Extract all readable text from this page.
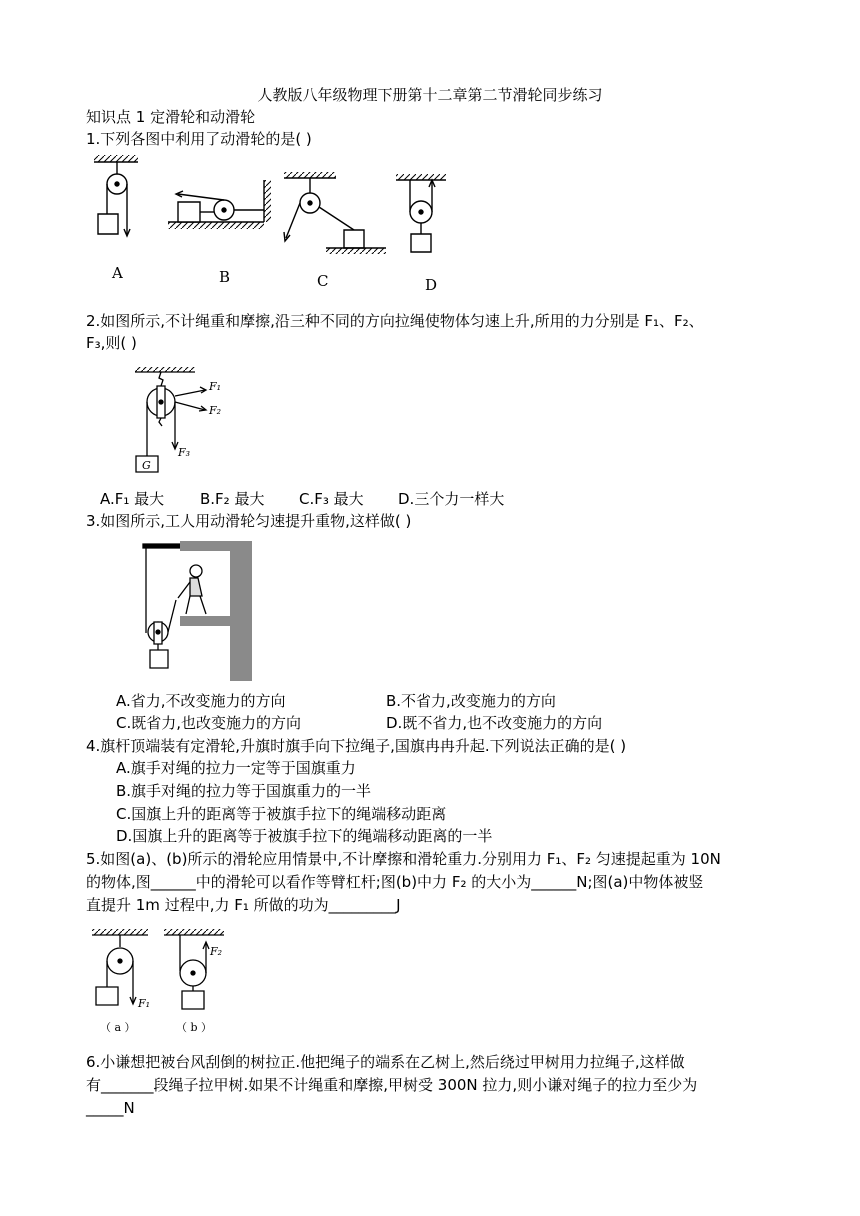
人教版八年级物理下册第十二章第二节滑轮同步练习
知识点 1 定滑轮和动滑轮
1.下列各图中利用了动滑轮的是( )
A	B	C	D
2.如图所示,不计绳重和摩擦,沿三种不同的方向拉绳使物体匀速上升,所用的力分别是 F₁、F₂、
F₃,则( )
F₁
F₂
F₃
G
A.F₁ 最大 B.F₂ 最大 C.F₃ 最大 D.三个力一样大
3.如图所示,工人用动滑轮匀速提升重物,这样做( )
A.省力,不改变施力的方向	B.不省力,改变施力的方向
C.既省力,也改变施力的方向	D.既不省力,也不改变施力的方向
4.旗杆顶端装有定滑轮,升旗时旗手向下拉绳子,国旗冉冉升起.下列说法正确的是( )
A.旗手对绳的拉力一定等于国旗重力
B.旗手对绳的拉力等于国旗重力的一半
C.国旗上升的距离等于被旗手拉下的绳端移动距离
D.国旗上升的距离等于被旗手拉下的绳端移动距离的一半
5.如图(a)、(b)所示的滑轮应用情景中,不计摩擦和滑轮重力.分别用力 F₁、F₂ 匀速提起重为 10N
的物体,图______中的滑轮可以看作等臂杠杆;图(b)中力 F₂ 的大小为______N;图(a)中物体被竖
直提升 1m 过程中,力 F₁ 所做的功为_________J
F₁
F₂
（ a ）	（ b ）
6.小谦想把被台风刮倒的树拉正.他把绳子的端系在乙树上,然后绕过甲树用力拉绳子,这样做
有_______段绳子拉甲树.如果不计绳重和摩擦,甲树受 300N 拉力,则小谦对绳子的拉力至少为
_____N
